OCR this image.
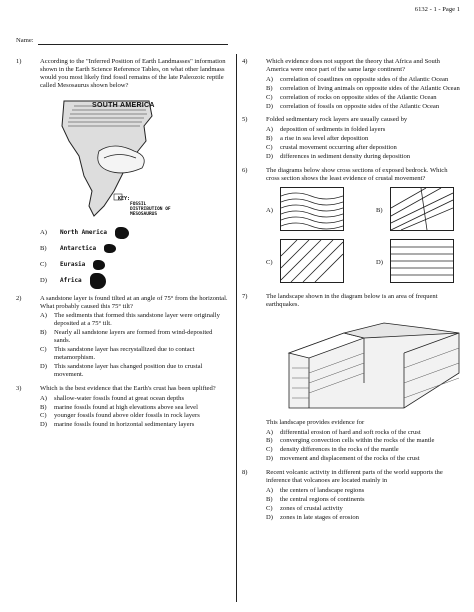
6132 - 1 - Page 1
Name:
1)	According to the "Inferred Position of Earth Landmasses" information shown in the Earth Science Reference Tables, on what other landmass would you most likely find fossil remains of the late Paleozoic reptile called Mesosaurus shown below?
SOUTH AMERICA
KEY: FOSSIL DISTRIBUTION OF MESOSAURUS
A)	North America
B)	Antarctica
C)	Eurasia
D)	Africa
2)	A sandstone layer is found tilted at an angle of 75° from the horizontal. What probably caused this 75° tilt?
A) The sediments that formed this sandstone layer were originally deposited at a 75° tilt.
B) Nearly all sandstone layers are formed from wind-deposited sands.
C) This sandstone layer has recrystallized due to contact metamorphism.
D) This sandstone layer has changed position due to crustal movement.
3)	Which is the best evidence that the Earth's crust has been uplifted?
A) shallow-water fossils found at great ocean depths
B) marine fossils found at high elevations above sea level
C) younger fossils found above older fossils in rock layers
D) marine fossils found in horizontal sedimentary layers
4)	Which evidence does not support the theory that Africa and South America were once part of the same large continent?
A) correlation of coastlines on opposite sides of the Atlantic Ocean
B) correlation of living animals on opposite sides of the Atlantic Ocean
C) correlation of rocks on opposite sides of the Atlantic Ocean
D) correlation of fossils on opposite sides of the Atlantic Ocean
5)	Folded sedimentary rock layers are usually caused by
A) deposition of sediments in folded layers
B) a rise in sea level after deposition
C) crustal movement occurring after deposition
D) differences in sediment density during deposition
6)	The diagrams below show cross sections of exposed bedrock. Which cross section shows the least evidence of crustal movement?
A)	B)
C)	D)
7)	The landscape shown in the diagram below is an area of frequent earthquakes.
This landscape provides evidence for
A) differential erosion of hard and soft rocks of the crust
B) converging convection cells within the rocks of the mantle
C) density differences in the rocks of the mantle
D) movement and displacement of the rocks of the crust
8)	Recent volcanic activity in different parts of the world supports the inference that volcanoes are located mainly in
A) the centers of landscape regions
B) the central regions of continents
C) zones of crustal activity
D) zones in late stages of erosion
